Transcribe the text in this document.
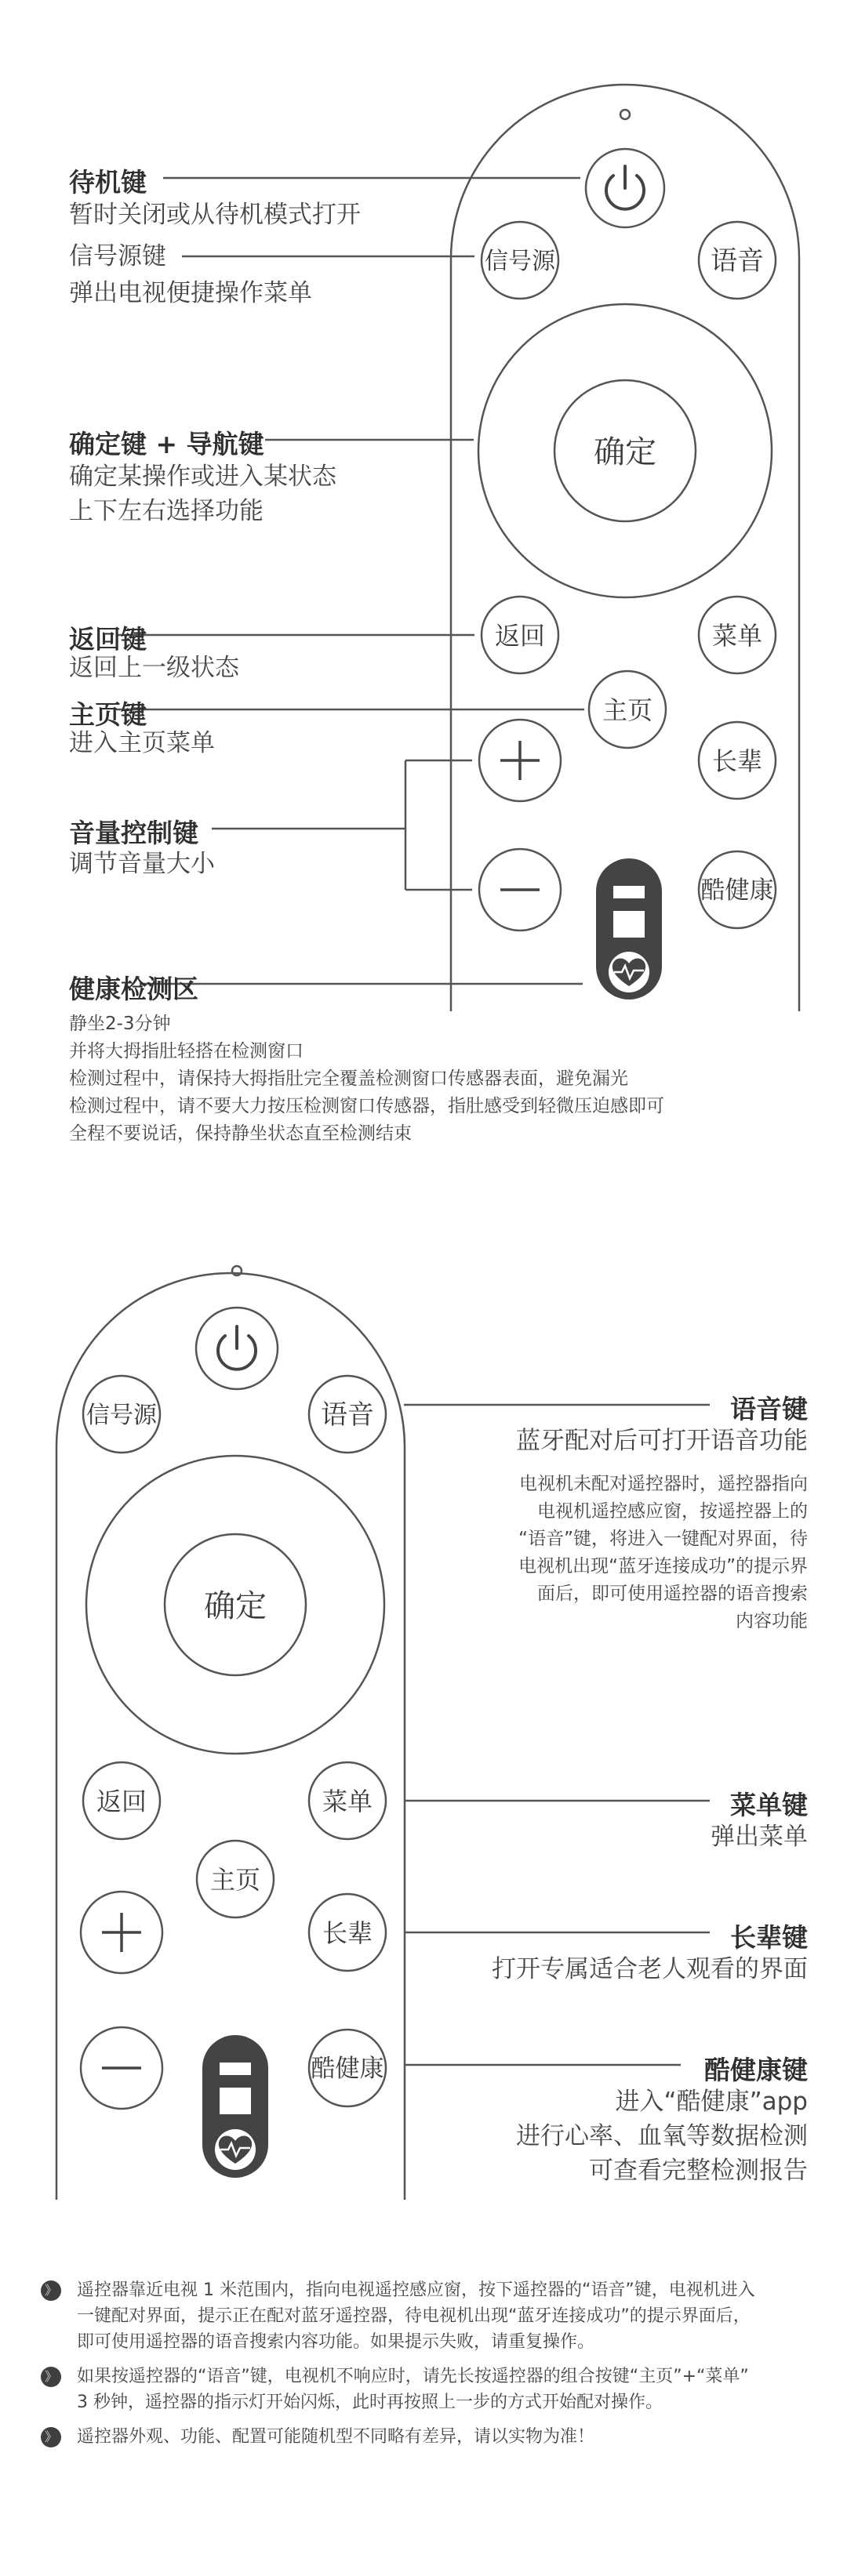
信号源	语音
确定
返回	菜单
主页
长辈
酷健康
待机键
暂时关闭或从待机模式打开
信号源键
弹出电视便捷操作菜单
确定键 + 导航键
确定某操作或进入某状态
上下左右选择功能
返回键
返回上一级状态
主页键
进入主页菜单
音量控制键
调节音量大小
健康检测区
静坐2-3分钟
并将大拇指肚轻搭在检测窗口
检测过程中，请保持大拇指肚完全覆盖检测窗口传感器表面，避免漏光
检测过程中，请不要大力按压检测窗口传感器，指肚感受到轻微压迫感即可
全程不要说话，保持静坐状态直至检测结束
信号源	语音
确定
返回	菜单
主页
长辈
酷健康
语音键
蓝牙配对后可打开语音功能
电视机未配对遥控器时，遥控器指向
电视机遥控感应窗，按遥控器上的
“语音”键，将进入一键配对界面，待
电视机出现“蓝牙连接成功”的提示界
面后，即可使用遥控器的语音搜索
内容功能
菜单键
弹出菜单
长辈键
打开专属适合老人观看的界面
酷健康键
进入“酷健康”app
进行心率、血氧等数据检测
可查看完整检测报告
》 遥控器靠近电视 1 米范围内，指向电视遥控感应窗，按下遥控器的“语音”键，电视机进入
一键配对界面，提示正在配对蓝牙遥控器，待电视机出现“蓝牙连接成功”的提示界面后，
即可使用遥控器的语音搜索内容功能。如果提示失败，请重复操作。
》 如果按遥控器的“语音”键，电视机不响应时，请先长按遥控器的组合按键“主页”+“菜单”
3 秒钟，遥控器的指示灯开始闪烁，此时再按照上一步的方式开始配对操作。
》 遥控器外观、功能、配置可能随机型不同略有差异，请以实物为准！
